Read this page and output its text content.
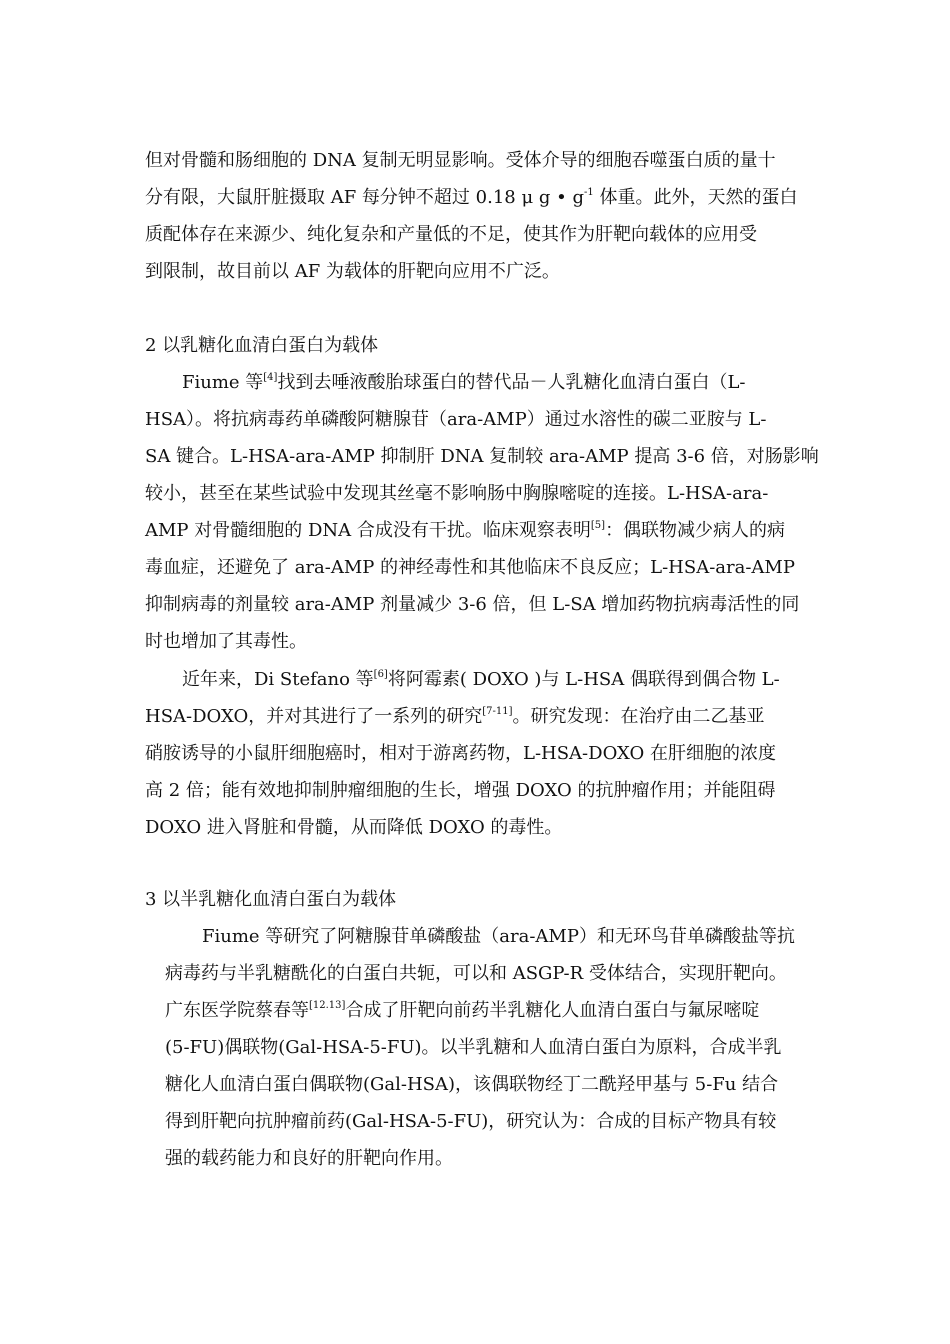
但对骨髓和肠细胞的 DNA 复制无明显影响。受体介导的细胞吞噬蛋白质的量十
分有限，大鼠肝脏摄取 AF 每分钟不超过 0.18 μ g • $g^{-1}$ 体重。此外，天然的蛋白
质配体存在来源少、纯化复杂和产量低的不足，使其作为肝靶向载体的应用受
到限制，故目前以 AF 为载体的肝靶向应用不广泛。
2 以乳糖化血清白蛋白为载体
Fiume 等[4]找到去唾液酸胎球蛋白的替代品－人乳糖化血清白蛋白（L-
HSA）。将抗病毒药单磷酸阿糖腺苷（ara-AMP）通过水溶性的碳二亚胺与 L-
SA 键合。L-HSA-ara-AMP 抑制肝 DNA 复制较 ara-AMP 提高 3-6 倍，对肠影响
较小，甚至在某些试验中发现其丝毫不影响肠中胸腺嘧啶的连接。L-HSA-ara-
AMP 对骨髓细胞的 DNA 合成没有干扰。临床观察表明[5]：偶联物减少病人的病
毒血症，还避免了 ara-AMP 的神经毒性和其他临床不良反应；L-HSA-ara-AMP
抑制病毒的剂量较 ara-AMP 剂量减少 3-6 倍，但 L-SA 增加药物抗病毒活性的同
时也增加了其毒性。
近年来，Di Stefano 等[6]将阿霉素( DOXO )与 L-HSA 偶联得到偶合物 L-
HSA-DOXO，并对其进行了一系列的研究[7-11]。研究发现：在治疗由二乙基亚
硝胺诱导的小鼠肝细胞癌时，相对于游离药物，L-HSA-DOXO 在肝细胞的浓度
高 2 倍；能有效地抑制肿瘤细胞的生长，增强 DOXO 的抗肿瘤作用；并能阻碍
DOXO 进入肾脏和骨髓，从而降低 DOXO 的毒性。
3 以半乳糖化血清白蛋白为载体
Fiume 等研究了阿糖腺苷单磷酸盐（ara-AMP）和无环鸟苷单磷酸盐等抗
病毒药与半乳糖酰化的白蛋白共轭，可以和 ASGP-R 受体结合，实现肝靶向。
广东医学院蔡春等[12.13]合成了肝靶向前药半乳糖化人血清白蛋白与氟尿嘧啶
(5-FU)偶联物(Gal-HSA-5-FU)。以半乳糖和人血清白蛋白为原料，合成半乳
糖化人血清白蛋白偶联物(Gal-HSA)，该偶联物经丁二酰羟甲基与 5-Fu 结合
得到肝靶向抗肿瘤前药(Gal-HSA-5-FU)，研究认为：合成的目标产物具有较
强的载药能力和良好的肝靶向作用。
